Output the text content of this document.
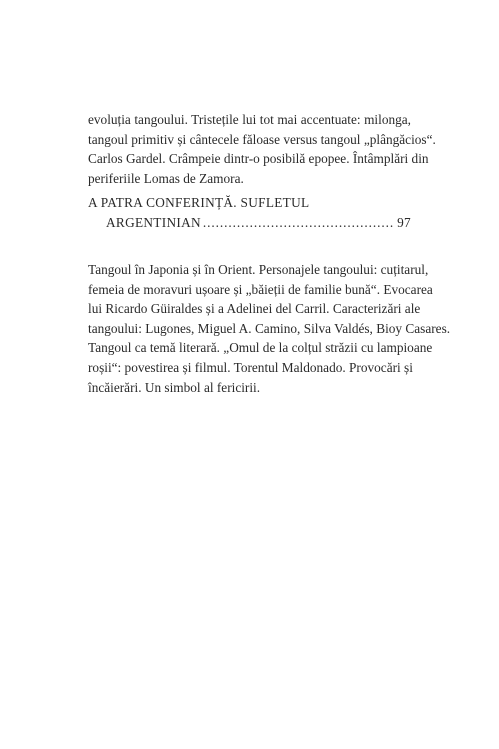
evoluția tangoului. Tristețile lui tot mai accentuate: milonga,
tangoul primitiv și cântecele făloase versus tangoul „plângăcios“.
Carlos Gardel. Crâmpeie dintr-o posibilă epopee. Întâmplări din
periferiile Lomas de Zamora.

A PATRA CONFERINȚĂ. SUFLETUL
ARGENTINIAN
. . .	97

Tangoul în Japonia și în Orient. Personajele tangoului: cuțitarul,
femeia de moravuri ușoare și „băieții de familie bună“. Evocarea
lui Ricardo Güiraldes și a Adelinei del Carril. Caracterizări ale
tangoului: Lugones, Miguel A. Camino, Silva Valdés, Bioy Casares.
Tangoul ca temă literară. „Omul de la colțul străzii cu lampioane
roșii“: povestirea și filmul. Torentul Maldonado. Provocări și
încăierări. Un simbol al fericirii.
